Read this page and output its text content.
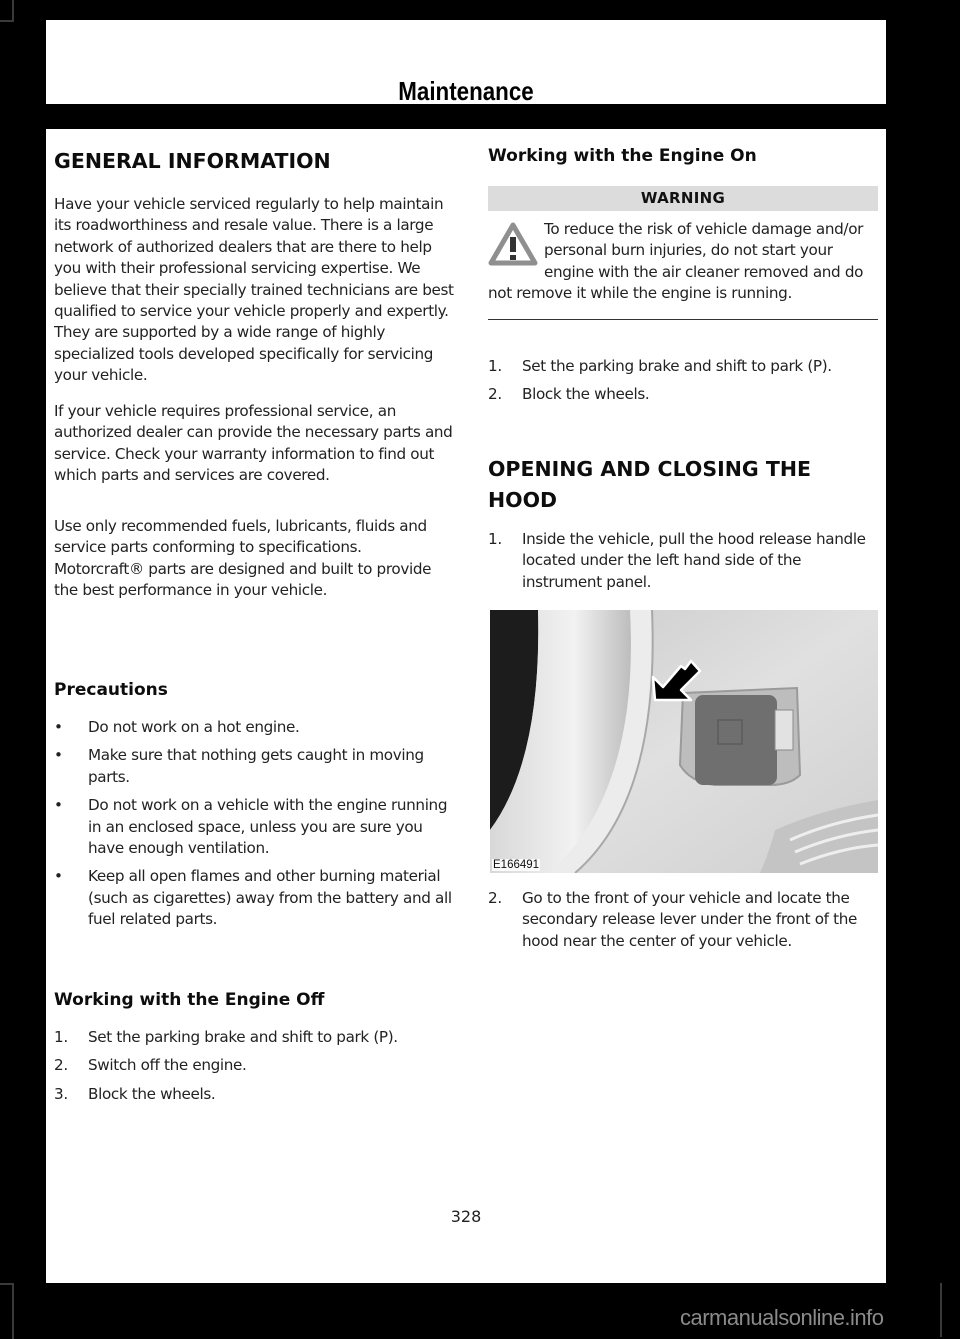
Maintenance
GENERAL INFORMATION

Have your vehicle serviced regularly to help maintain its roadworthiness and resale value. There is a large network of authorized dealers that are there to help you with their professional servicing expertise. We believe that their specially trained technicians are best qualified to service your vehicle properly and expertly. They are supported by a wide range of highly specialized tools developed specifically for servicing your vehicle.

If your vehicle requires professional service, an authorized dealer can provide the necessary parts and service. Check your warranty information to find out which parts and services are covered.

Use only recommended fuels, lubricants, fluids and service parts conforming to specifications. Motorcraft® parts are designed and built to provide the best performance in your vehicle.

Precautions
• Do not work on a hot engine.
• Make sure that nothing gets caught in moving parts.
• Do not work on a vehicle with the engine running in an enclosed space, unless you are sure you have enough ventilation.
• Keep all open flames and other burning material (such as cigarettes) away from the battery and all fuel related parts.
Working with the Engine Off
1. Set the parking brake and shift to park (P).
2. Switch off the engine.
3. Block the wheels.
Working with the Engine On
WARNING
To reduce the risk of vehicle damage and/or personal burn injuries, do not start your engine with the air cleaner removed and do not remove it while the engine is running.
1. Set the parking brake and shift to park (P).
2. Block the wheels.
OPENING AND CLOSING THE HOOD
1. Inside the vehicle, pull the hood release handle located under the left hand side of the instrument panel.
E166491
2. Go to the front of your vehicle and locate the secondary release lever under the front of the hood near the center of your vehicle.
328
carmanualsonline.info
